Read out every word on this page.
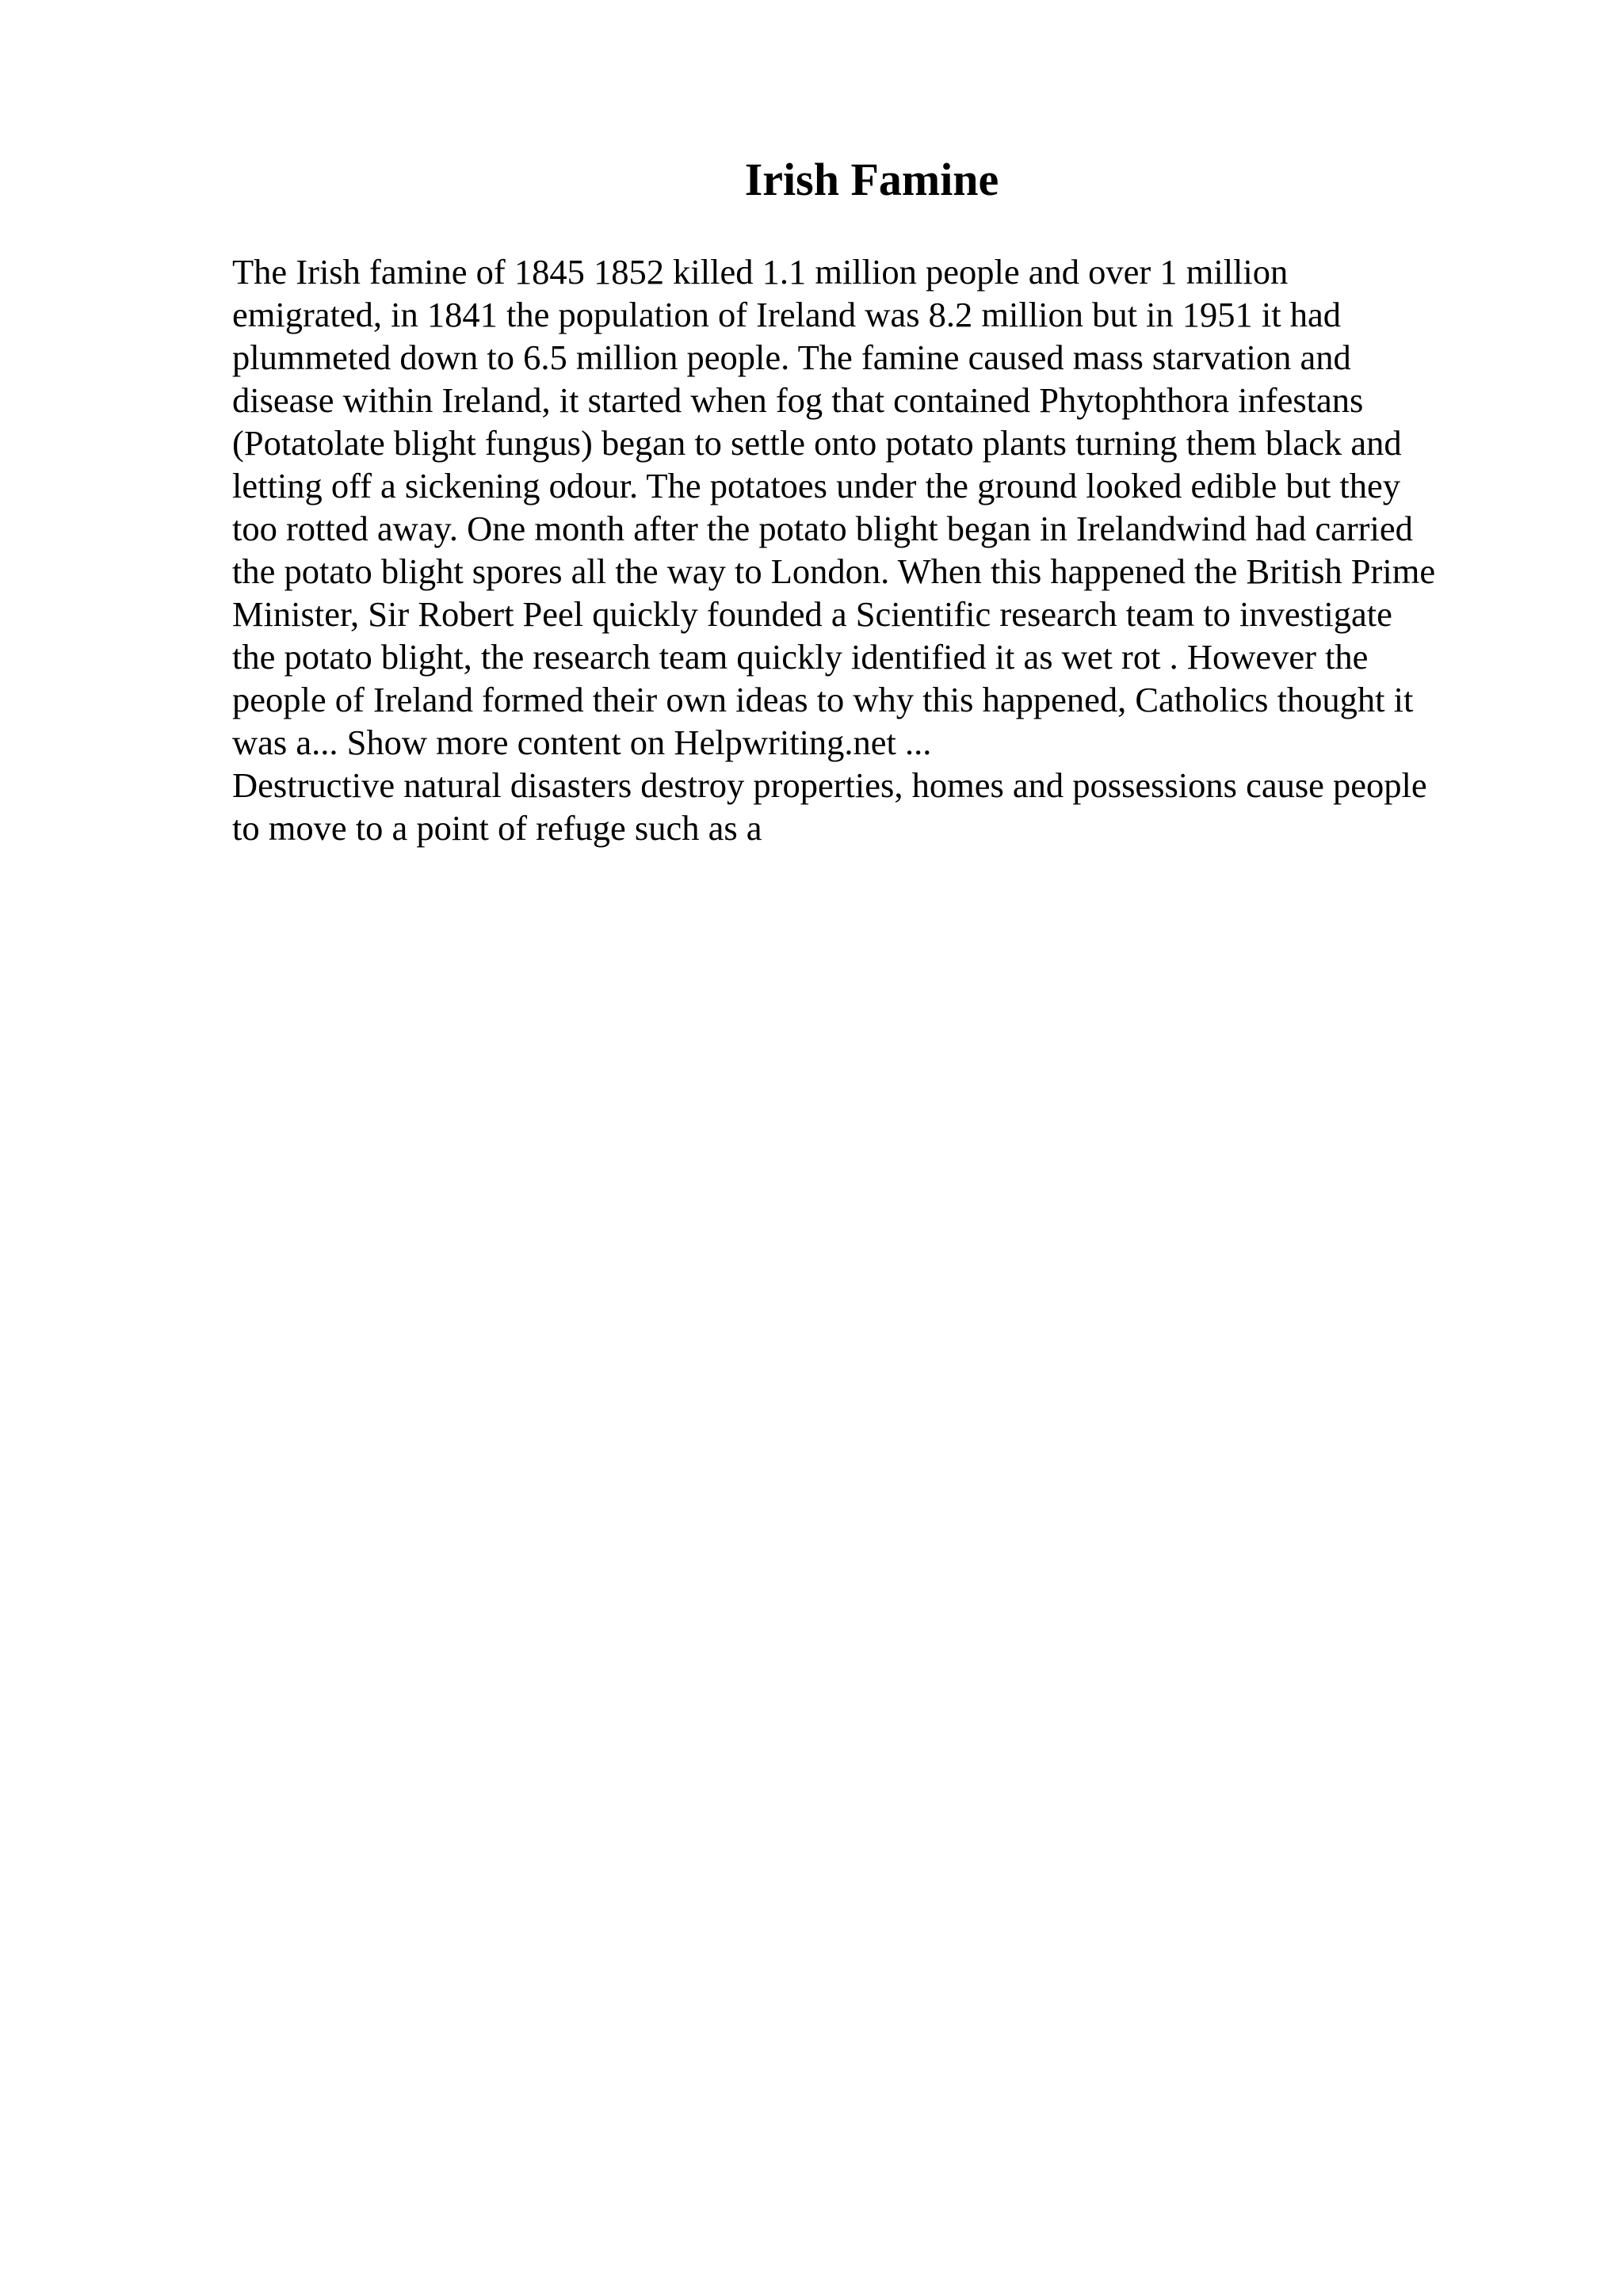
Irish Famine

The Irish famine of 1845 1852 killed 1.1 million people and over 1 million

emigrated, in 1841 the population of Ireland was 8.2 million but in 1951 it had

plummeted down to 6.5 million people. The famine caused mass starvation and

disease within Ireland, it started when fog that contained Phytophthora infestans

(Potatolate blight fungus) began to settle onto potato plants turning them black and

letting off a sickening odour. The potatoes under the ground looked edible but they

too rotted away. One month after the potato blight began in Irelandwind had carried

the potato blight spores all the way to London. When this happened the British Prime

Minister, Sir Robert Peel quickly founded a Scientific research team to investigate

the potato blight, the research team quickly identified it as wet rot . However the

people of Ireland formed their own ideas to why this happened, Catholics thought it

was a... Show more content on Helpwriting.net ...

Destructive natural disasters destroy properties, homes and possessions cause people

to move to a point of refuge such as a
